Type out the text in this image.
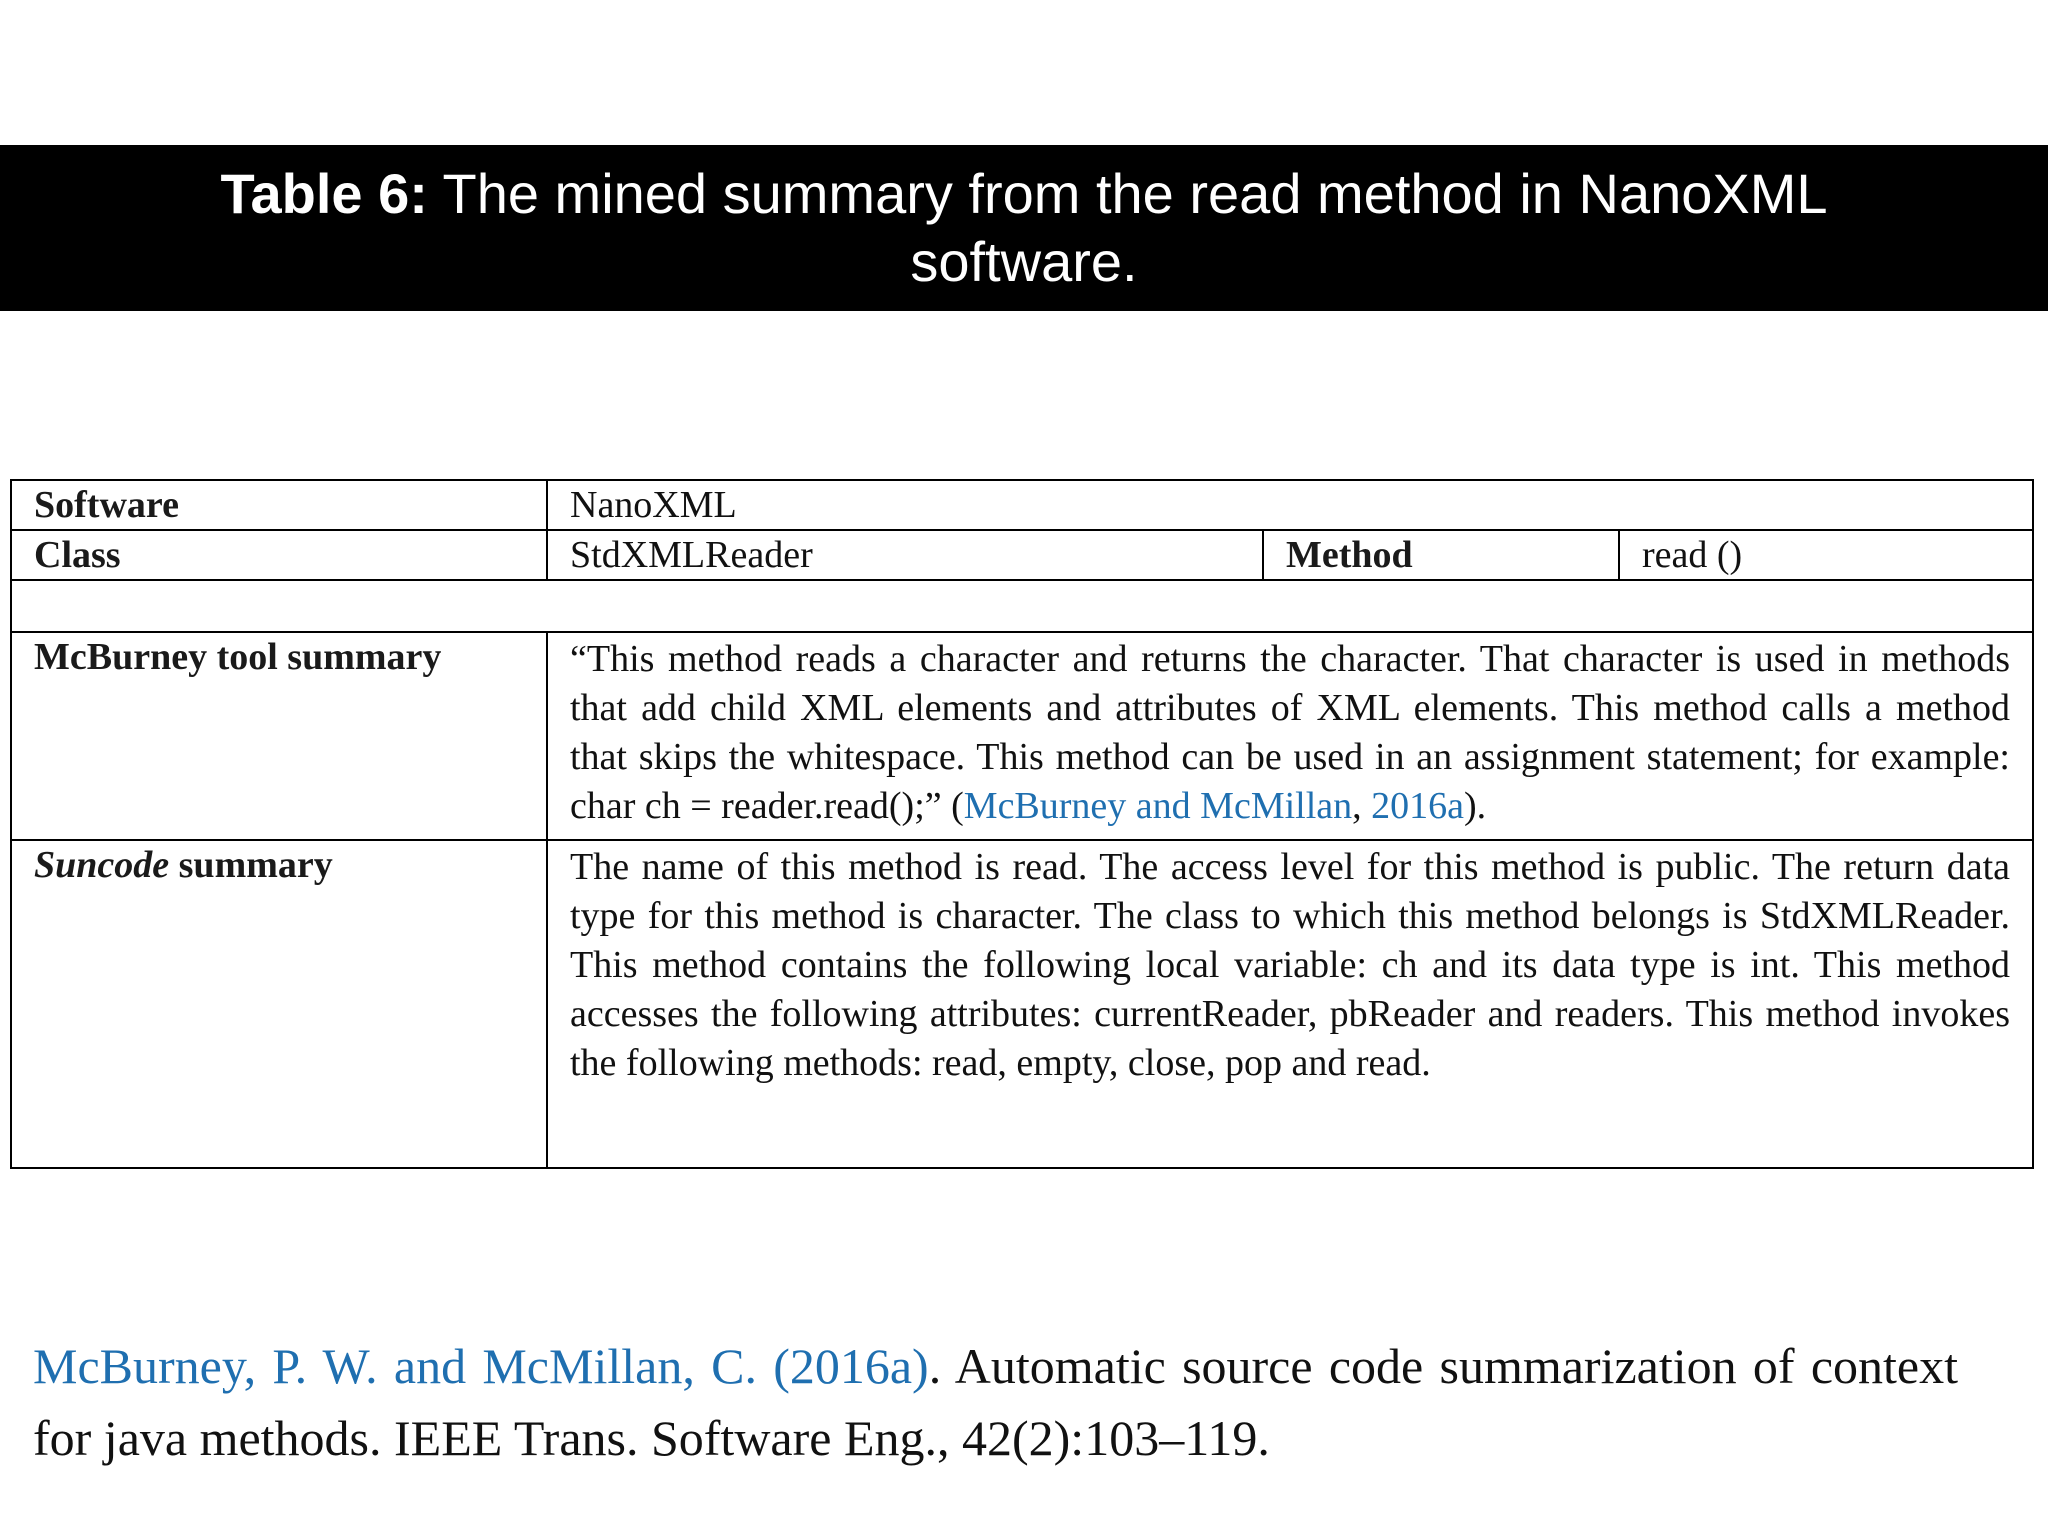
Table 6: The mined summary from the read method in NanoXML software.
Software	NanoXML		
Class	StdXMLReader	Method	read ()

McBurney tool summary	“This method reads a character and returns the character. That character is used in methods that add child XML elements and attributes of XML elements. This method calls a method that skips the whitespace. This method can be used in an assignment statement; for example: char ch = reader.read();” (McBurney and McMillan, 2016a).		
Suncode summary	The name of this method is read. The access level for this method is public. The return data type for this method is character. The class to which this method belongs is StdXMLReader. This method contains the following local variable: ch and its data type is int. This method accesses the following attributes: currentReader, pbReader and readers. This method invokes the following methods: read, empty, close, pop and read.		
McBurney, P. W. and McMillan, C. (2016a). Automatic source code summarization of context for java methods. IEEE Trans. Software Eng., 42(2):103–119.
